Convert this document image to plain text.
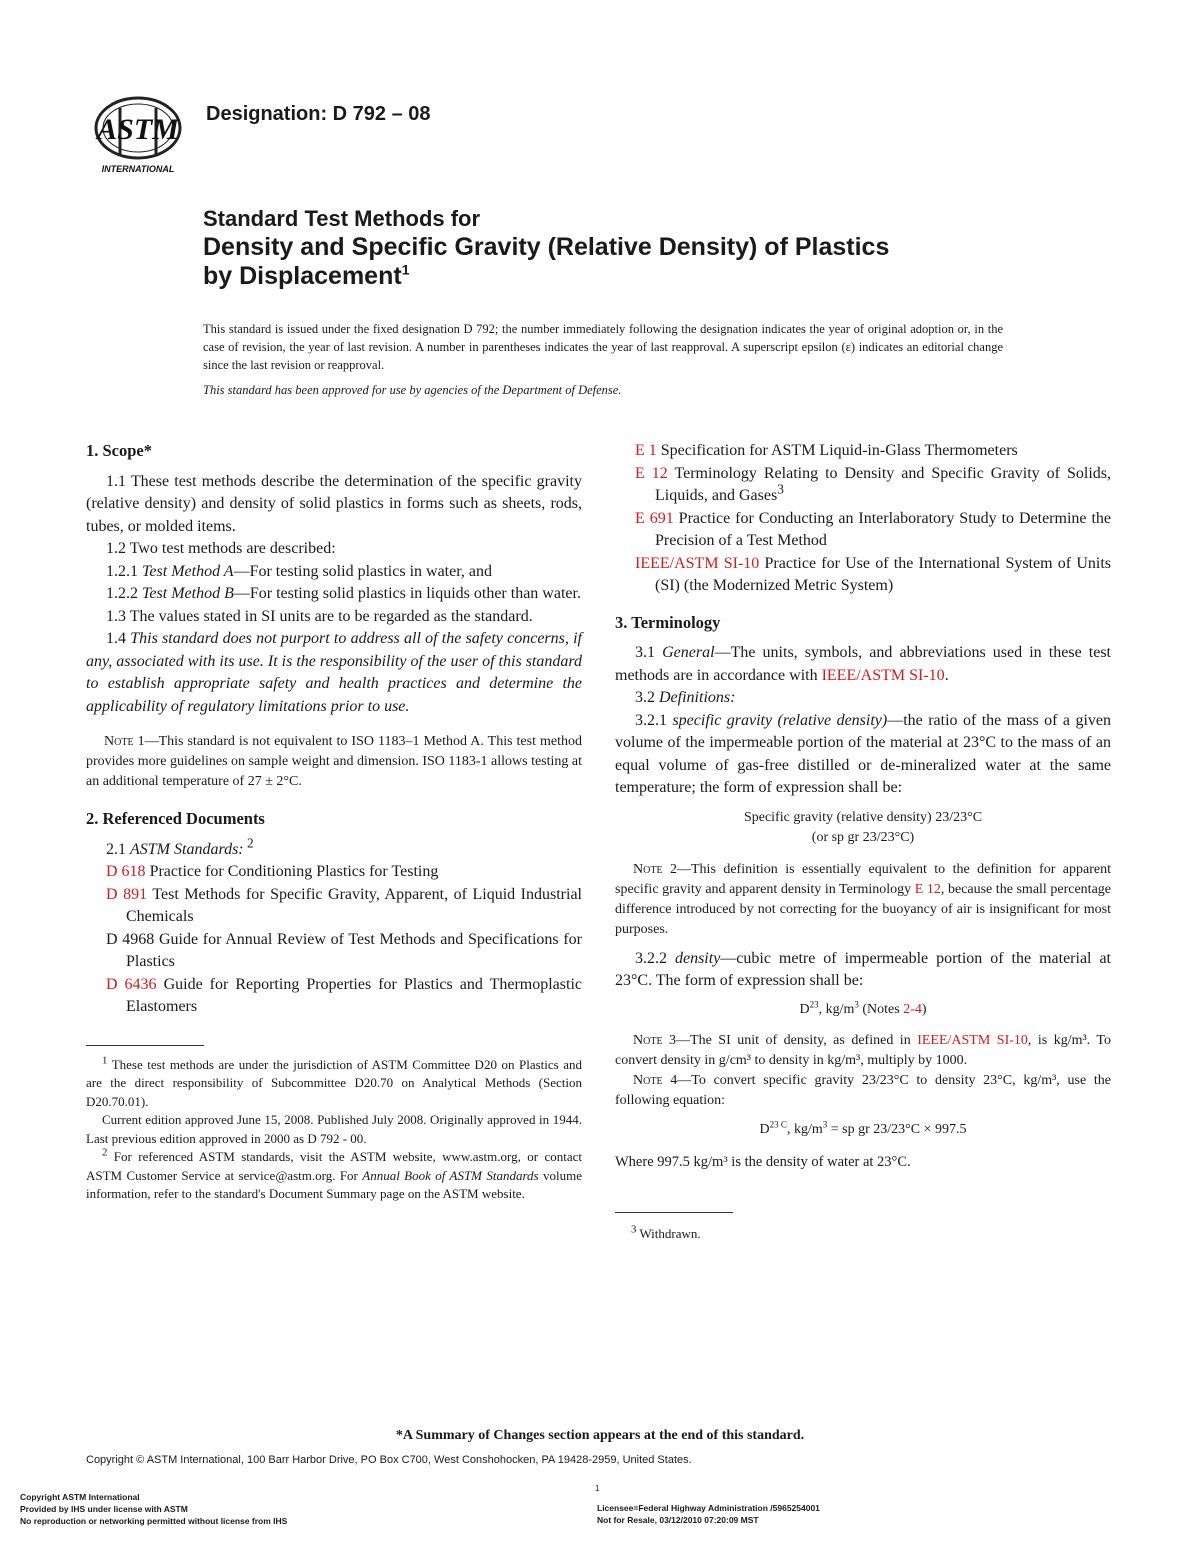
ASTM
INTERNATIONAL
Designation: D 792 – 08
Standard Test Methods for
Density and Specific Gravity (Relative Density) of Plastics
by Displacement$^1$
This standard is issued under the fixed designation D 792; the number immediately following the designation indicates the year of original adoption or, in the case of revision, the year of last revision. A number in parentheses indicates the year of last reapproval. A superscript epsilon (ε) indicates an editorial change since the last revision or reapproval.
This standard has been approved for use by agencies of the Department of Defense.
1. Scope*

1.1 These test methods describe the determination of the specific gravity (relative density) and density of solid plastics in forms such as sheets, rods, tubes, or molded items.

1.2 Two test methods are described:

1.2.1 Test Method A—For testing solid plastics in water, and

1.2.2 Test Method B—For testing solid plastics in liquids other than water.

1.3 The values stated in SI units are to be regarded as the standard.

1.4 This standard does not purport to address all of the safety concerns, if any, associated with its use. It is the responsibility of the user of this standard to establish appropriate safety and health practices and determine the applicability of regulatory limitations prior to use.

Note 1—This standard is not equivalent to ISO 1183–1 Method A. This test method provides more guidelines on sample weight and dimension. ISO 1183-1 allows testing at an additional temperature of 27 ± 2°C.

2. Referenced Documents

2.1 ASTM Standards: $^2$

D 618 Practice for Conditioning Plastics for Testing

D 891 Test Methods for Specific Gravity, Apparent, of Liquid Industrial Chemicals

D 4968 Guide for Annual Review of Test Methods and Specifications for Plastics

D 6436 Guide for Reporting Properties for Plastics and Thermoplastic Elastomers

$^1$ These test methods are under the jurisdiction of ASTM Committee D20 on Plastics and are the direct responsibility of Subcommittee D20.70 on Analytical Methods (Section D20.70.01).

Current edition approved June 15, 2008. Published July 2008. Originally approved in 1944. Last previous edition approved in 2000 as D 792 - 00.

$^2$ For referenced ASTM standards, visit the ASTM website, www.astm.org, or contact ASTM Customer Service at service@astm.org. For Annual Book of ASTM Standards volume information, refer to the standard's Document Summary page on the ASTM website.

E 1 Specification for ASTM Liquid-in-Glass Thermometers

E 12 Terminology Relating to Density and Specific Gravity of Solids, Liquids, and Gases$^3$

E 691 Practice for Conducting an Interlaboratory Study to Determine the Precision of a Test Method

IEEE/ASTM SI-10 Practice for Use of the International System of Units (SI) (the Modernized Metric System)

3. Terminology

3.1 General—The units, symbols, and abbreviations used in these test methods are in accordance with IEEE/ASTM SI-10.

3.2 Definitions:

3.2.1 specific gravity (relative density)—the ratio of the mass of a given volume of the impermeable portion of the material at 23°C to the mass of an equal volume of gas-free distilled or de-mineralized water at the same temperature; the form of expression shall be:

Specific gravity (relative density) 23/23°C
(or sp gr 23/23°C)

Note 2—This definition is essentially equivalent to the definition for apparent specific gravity and apparent density in Terminology E 12, because the small percentage difference introduced by not correcting for the buoyancy of air is insignificant for most purposes.

3.2.2 density—cubic metre of impermeable portion of the material at 23°C. The form of expression shall be:

$D^{23}$, $kg/m^3$ (Notes 2-4)

Note 3—The SI unit of density, as defined in IEEE/ASTM SI-10, is kg/m³. To convert density in g/cm³ to density in kg/m³, multiply by 1000.

Note 4—To convert specific gravity 23/23°C to density 23°C, kg/m³, use the following equation:

$D^{23 C}$, $kg/m^3$ = sp gr 23/23°C × 997.5

Where 997.5 kg/m³ is the density of water at 23°C.

$^3$ Withdrawn.

*A Summary of Changes section appears at the end of this standard.
Copyright © ASTM International, 100 Barr Harbor Drive, PO Box C700, West Conshohocken, PA 19428-2959, United States.
1
Copyright ASTM International
Provided by IHS under license with ASTM
No reproduction or networking permitted without license from IHS
Licensee=Federal Highway Administration /5965254001
Not for Resale, 03/12/2010 07:20:09 MST
